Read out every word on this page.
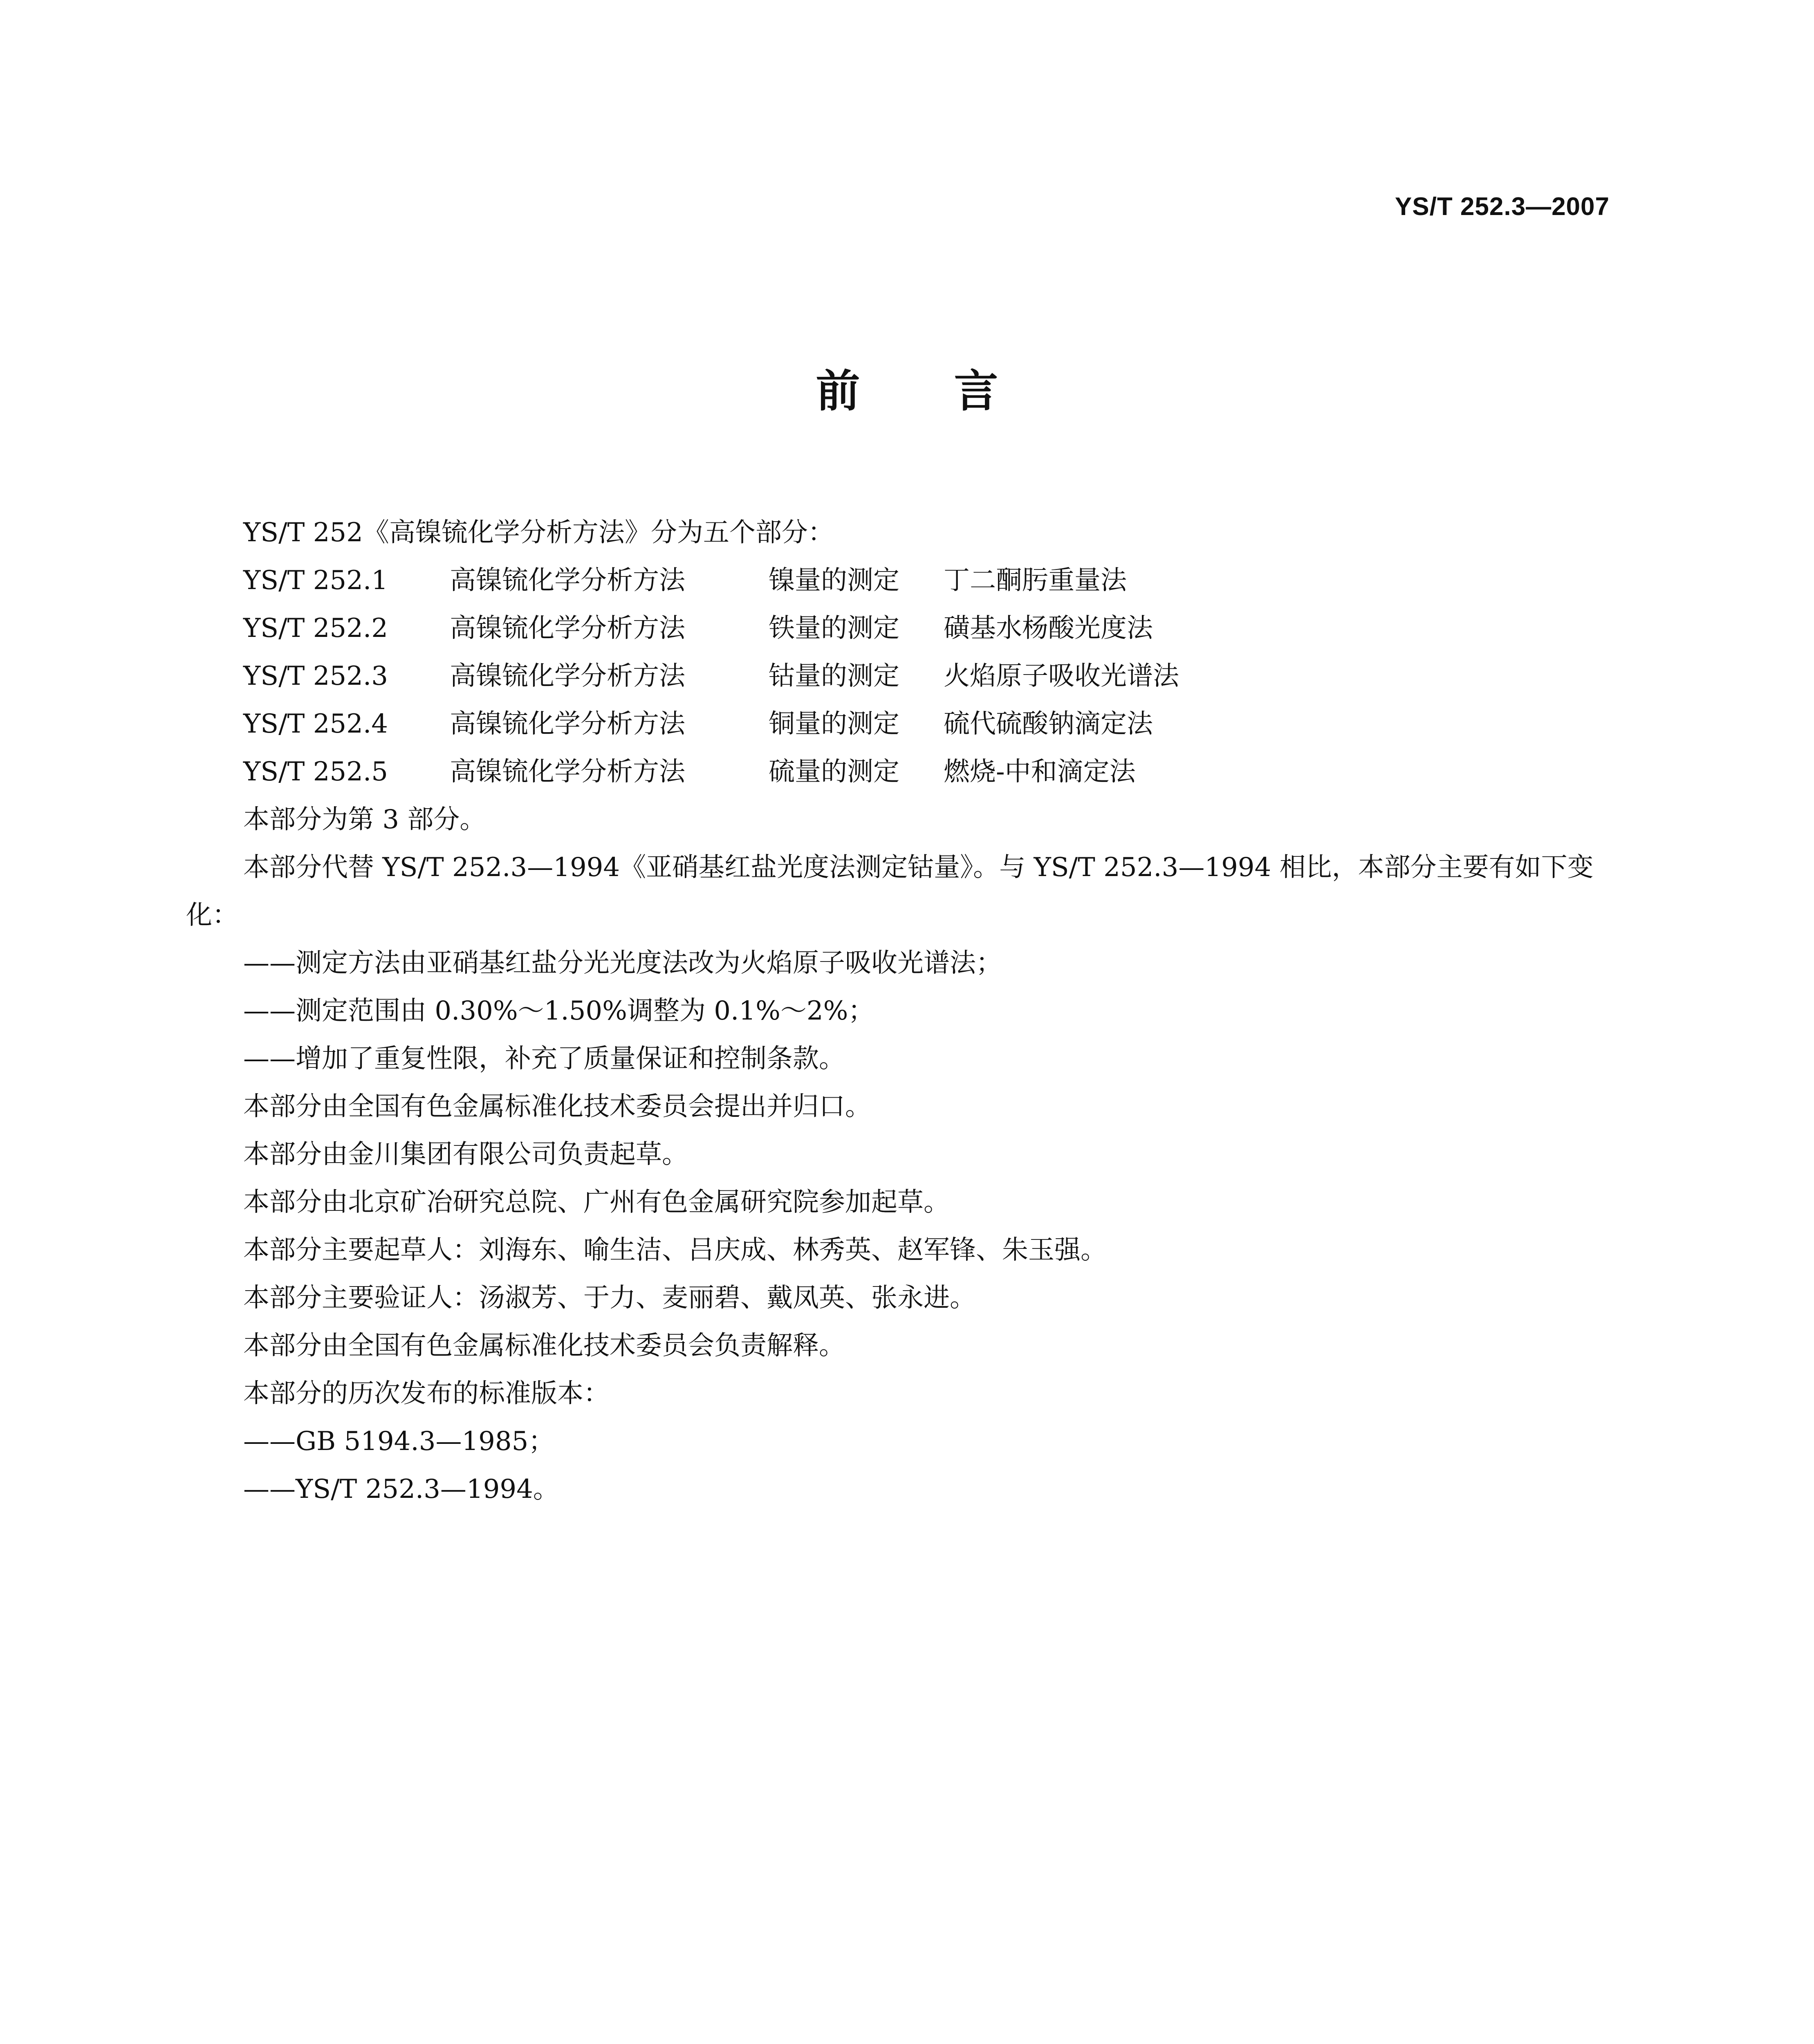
YS/T 252.3—2007
前 言
YS/T 252《高镍锍化学分析方法》分为五个部分：
YS/T 252.1	高镍锍化学分析方法	镍量的测定	丁二酮肟重量法
YS/T 252.2	高镍锍化学分析方法	铁量的测定	磺基水杨酸光度法
YS/T 252.3	高镍锍化学分析方法	钴量的测定	火焰原子吸收光谱法
YS/T 252.4	高镍锍化学分析方法	铜量的测定	硫代硫酸钠滴定法
YS/T 252.5	高镍锍化学分析方法	硫量的测定	燃烧-中和滴定法
本部分为第 3 部分。
本部分代替 YS/T 252.3—1994《亚硝基红盐光度法测定钴量》。与 YS/T 252.3—1994 相比，本部分主要有如下变化：
——测定方法由亚硝基红盐分光光度法改为火焰原子吸收光谱法；
——测定范围由 0.30%～1.50%调整为 0.1%～2%；
——增加了重复性限，补充了质量保证和控制条款。
本部分由全国有色金属标准化技术委员会提出并归口。
本部分由金川集团有限公司负责起草。
本部分由北京矿冶研究总院、广州有色金属研究院参加起草。
本部分主要起草人：刘海东、喻生洁、吕庆成、林秀英、赵军锋、朱玉强。
本部分主要验证人：汤淑芳、于力、麦丽碧、戴凤英、张永进。
本部分由全国有色金属标准化技术委员会负责解释。
本部分的历次发布的标准版本：
——GB 5194.3—1985；
——YS/T 252.3—1994。
